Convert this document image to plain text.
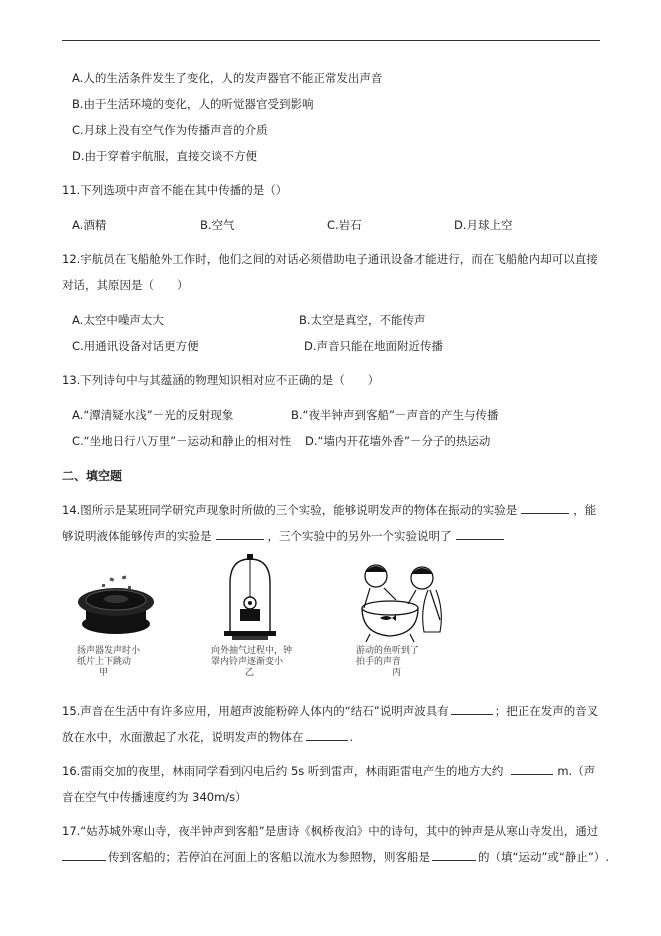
A.人的生活条件发生了变化，人的发声器官不能正常发出声音
B.由于生活环境的变化，人的听觉器官受到影响
C.月球上没有空气作为传播声音的介质
D.由于穿着宇航服，直接交谈不方便
11.下列选项中声音不能在其中传播的是（）
A.酒精	B.空气	C.岩石	D.月球上空
12.宇航员在飞船舱外工作时，他们之间的对话必须借助电子通讯设备才能进行，而在飞船舱内却可以直接
对话，其原因是（　　）
A.太空中噪声太大	B.太空是真空，不能传声
C.用通讯设备对话更方便	D.声音只能在地面附近传播
13.下列诗句中与其蕴涵的物理知识相对应不正确的是（　　）
A.“潭清疑水浅”－光的反射现象	B.“夜半钟声到客船”－声音的产生与传播
C.“坐地日行八万里”－运动和静止的相对性 D.“墙内开花墙外香”－分子的热运动
二、填空题
14.图所示是某班同学研究声现象时所做的三个实验，能够说明发声的物体在振动的实验是	，能
够说明液体能够传声的实验是	，三个实验中的另外一个实验说明了
扬声器发声时小
纸片上下跳动
甲
向外抽气过程中，钟
罩内铃声逐渐变小
乙
游动的鱼听到了
拍手的声音
丙
15.声音在生活中有许多应用，用超声波能粉碎人体内的“结石”说明声波具有	；把正在发声的音叉
放在水中，水面激起了水花，说明发声的物体在	.
16.雷雨交加的夜里，林雨同学看到闪电后约 5s 听到雷声，林雨距雷电产生的地方大约	m.（声
音在空气中传播速度约为 340m/s）
17.“姑苏城外寒山寺，夜半钟声到客船”是唐诗《枫桥夜泊》中的诗句，其中的钟声是从寒山寺发出，通过
传到客船的；若停泊在河面上的客船以流水为参照物，则客船是	的（填“运动”或“静止”）.
